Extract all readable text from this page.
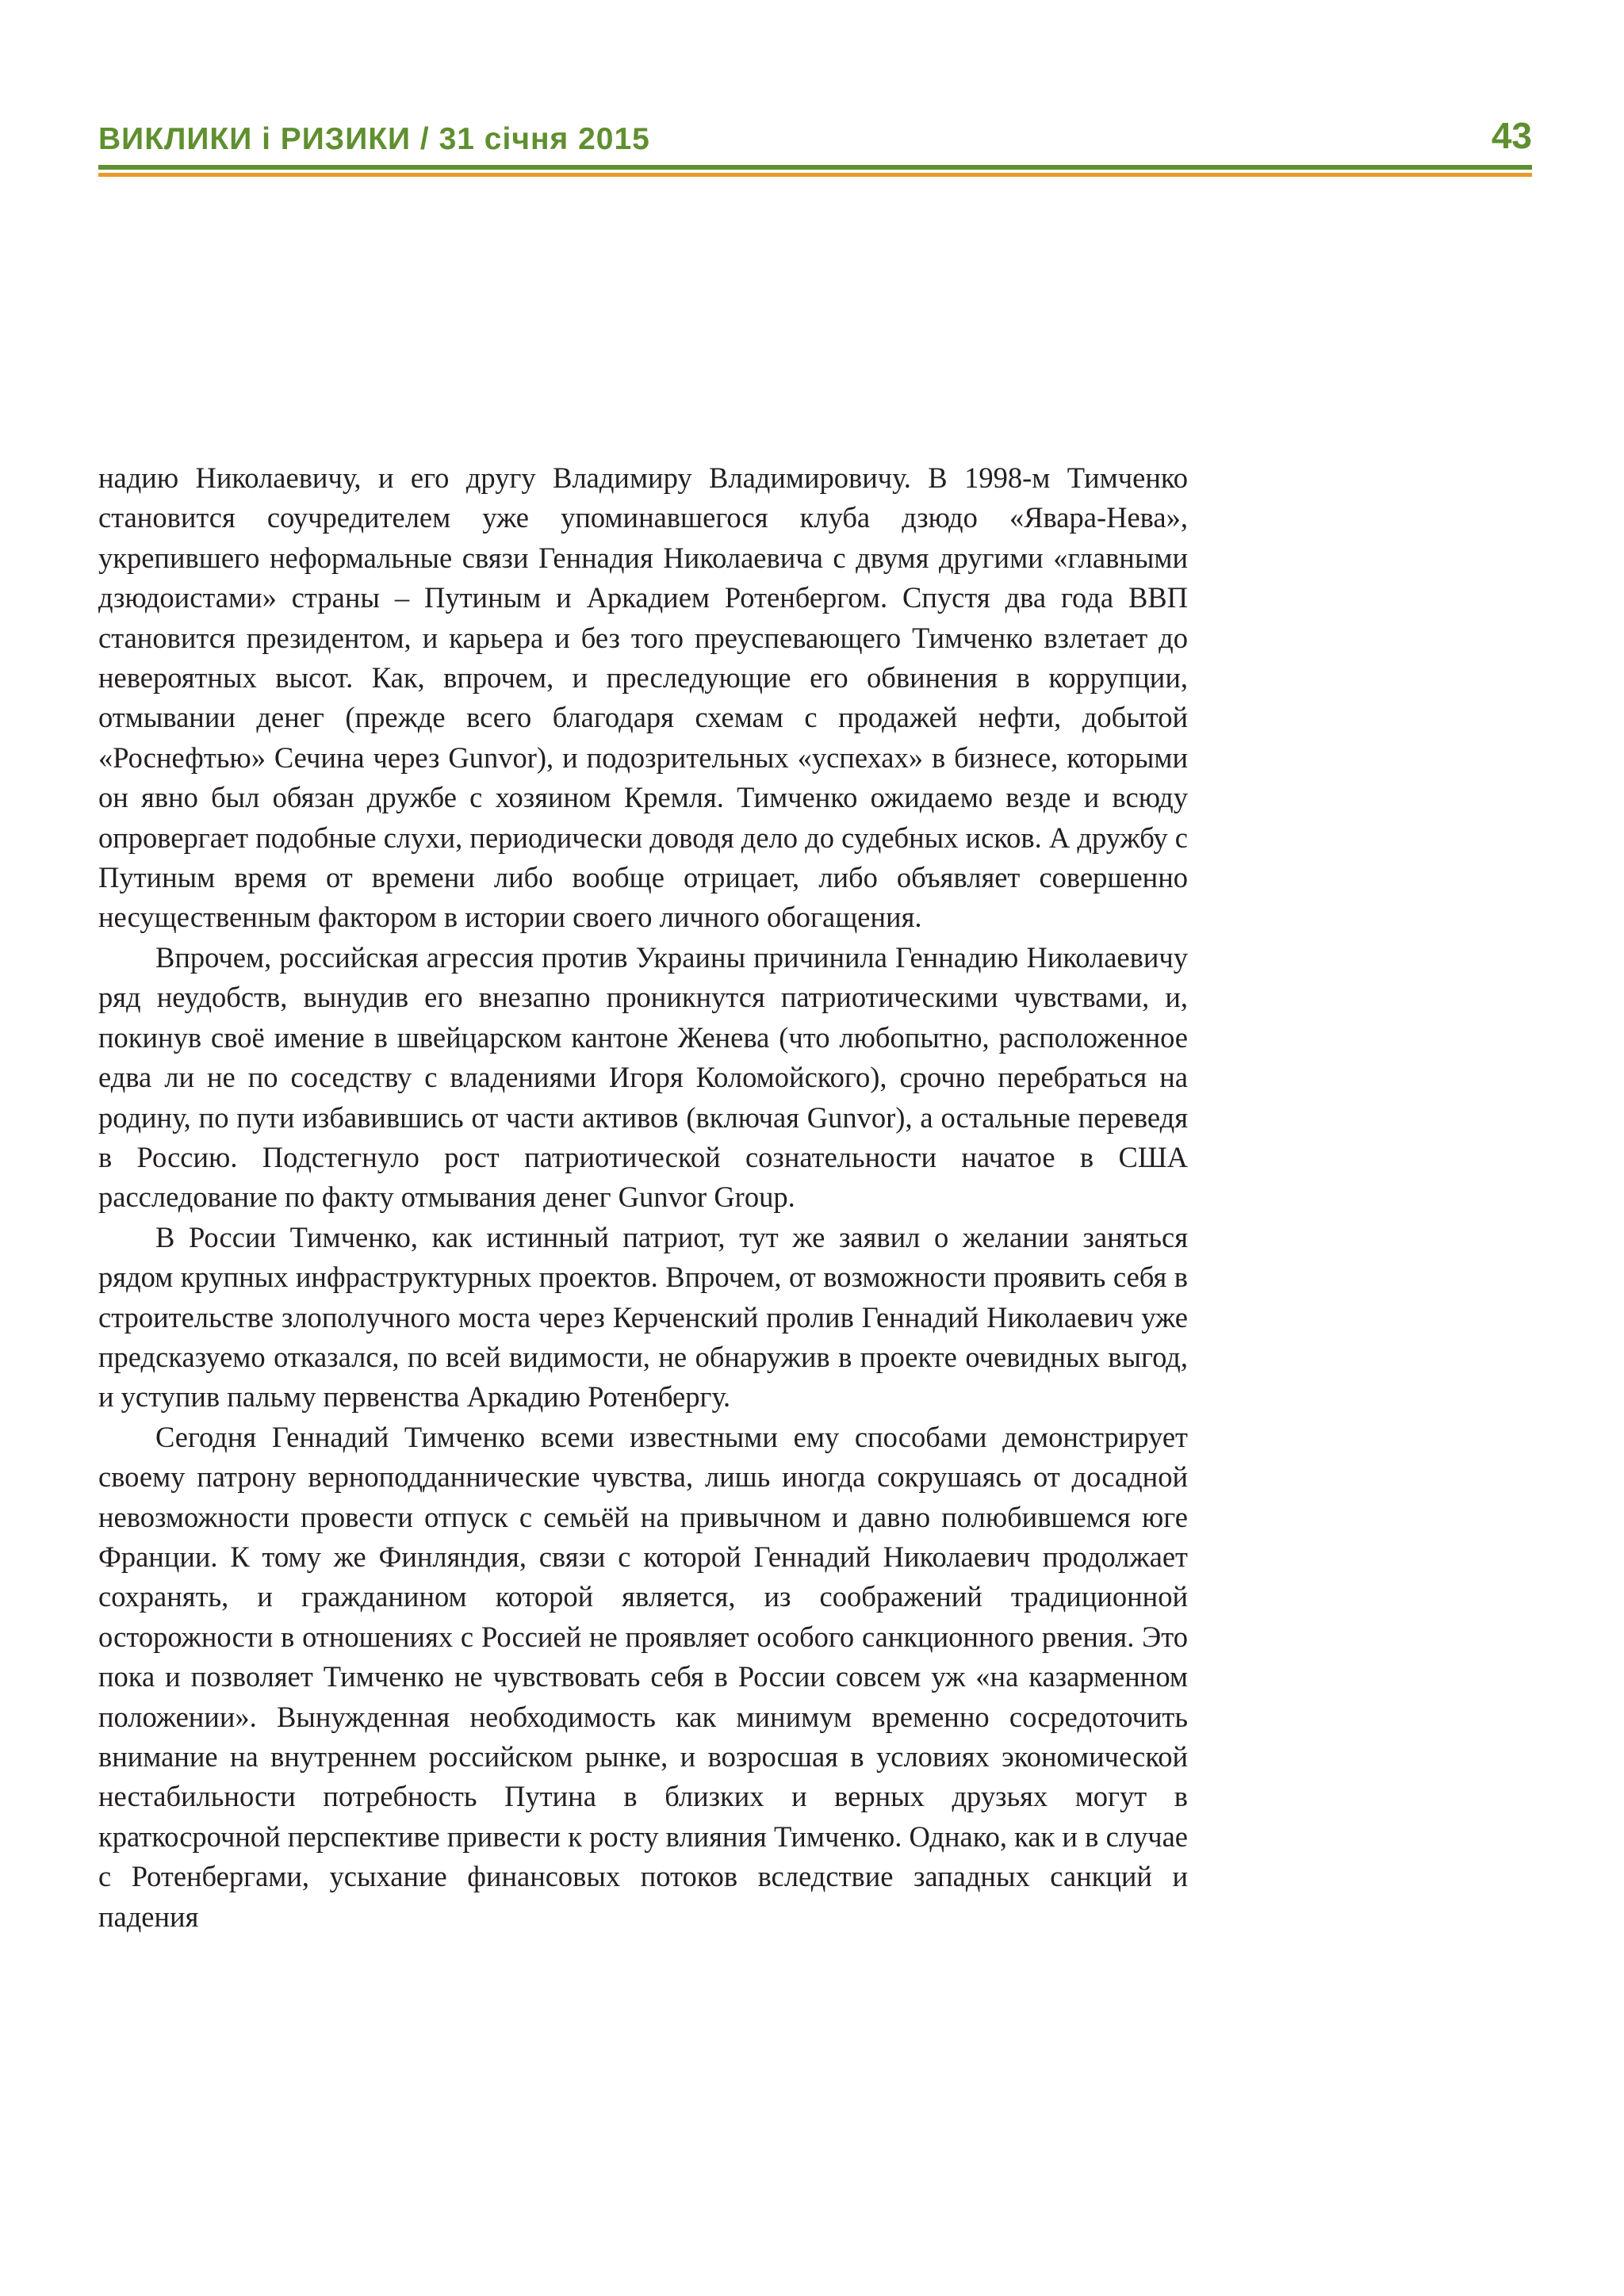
ВИКЛИКИ і РИЗИКИ / 31 січня 2015	43

надию Николаевичу, и его другу Владимиру Владимировичу. В 1998-м Тимченко становится соучредителем уже упоминавшегося клуба дзюдо «Явара-Нева», укрепившего неформальные связи Геннадия Николаевича с двумя другими «главными дзюдоистами» страны – Путиным и Аркадием Ротенбергом. Спустя два года ВВП становится президентом, и карьера и без того преуспевающего Тимченко взлетает до невероятных высот. Как, впрочем, и преследующие его обвинения в коррупции, отмывании денег (прежде всего благодаря схемам с продажей нефти, добытой «Роснефтью» Сечина через Gunvor), и подозрительных «успехах» в бизнесе, которыми он явно был обязан дружбе с хозяином Кремля. Тимченко ожидаемо везде и всюду опровергает подобные слухи, периодически доводя дело до судебных исков. А дружбу с Путиным время от времени либо вообще отрицает, либо объявляет совершенно несущественным фактором в истории своего личного обогащения.

Впрочем, российская агрессия против Украины причинила Геннадию Николаевичу ряд неудобств, вынудив его внезапно проникнутся патриотическими чувствами, и, покинув своё имение в швейцарском кантоне Женева (что любопытно, расположенное едва ли не по соседству с владениями Игоря Коломойского), срочно перебраться на родину, по пути избавившись от части активов (включая Gunvor), а остальные переведя в Россию. Подстегнуло рост патриотической сознательности начатое в США расследование по факту отмывания денег Gunvor Group.

В России Тимченко, как истинный патриот, тут же заявил о желании заняться рядом крупных инфраструктурных проектов. Впрочем, от возможности проявить себя в строительстве злополучного моста через Керченский пролив Геннадий Николаевич уже предсказуемо отказался, по всей видимости, не обнаружив в проекте очевидных выгод, и уступив пальму первенства Аркадию Ротенбергу.

Сегодня Геннадий Тимченко всеми известными ему способами демонстрирует своему патрону верноподданнические чувства, лишь иногда сокрушаясь от досадной невозможности провести отпуск с семьёй на привычном и давно полюбившемся юге Франции. К тому же Финляндия, связи с которой Геннадий Николаевич продолжает сохранять, и гражданином которой является, из соображений традиционной осторожности в отношениях с Россией не проявляет особого санкционного рвения. Это пока и позволяет Тимченко не чувствовать себя в России совсем уж «на казарменном положении». Вынужденная необходимость как минимум временно сосредоточить внимание на внутреннем российском рынке, и возросшая в условиях экономической нестабильности потребность Путина в близких и верных друзьях могут в краткосрочной перспективе привести к росту влияния Тимченко. Однако, как и в случае с Ротенбергами, усыхание финансовых потоков вследствие западных санкций и падения
